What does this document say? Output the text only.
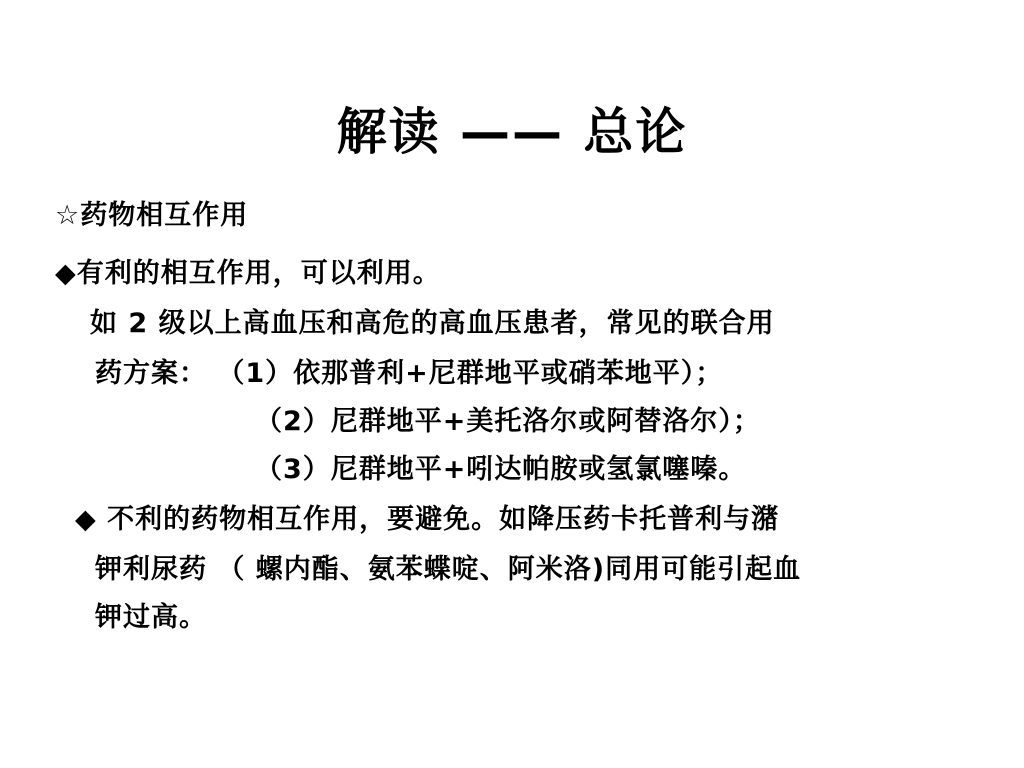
解读 —— 总论
☆药物相互作用
◆有利的相互作用，可以利用。
如 2 级以上高血压和高危的高血压患者，常见的联合用
药方案： （1）依那普利+尼群地平或硝苯地平）；
（2）尼群地平+美托洛尔或阿替洛尔）；
（3）尼群地平+吲达帕胺或氢氯噻嗪。
◆ 不利的药物相互作用，要避免。如降压药卡托普利与潴
钾利尿药 （ 螺内酯、氨苯蝶啶、阿米洛)同用可能引起血
钾过高。
